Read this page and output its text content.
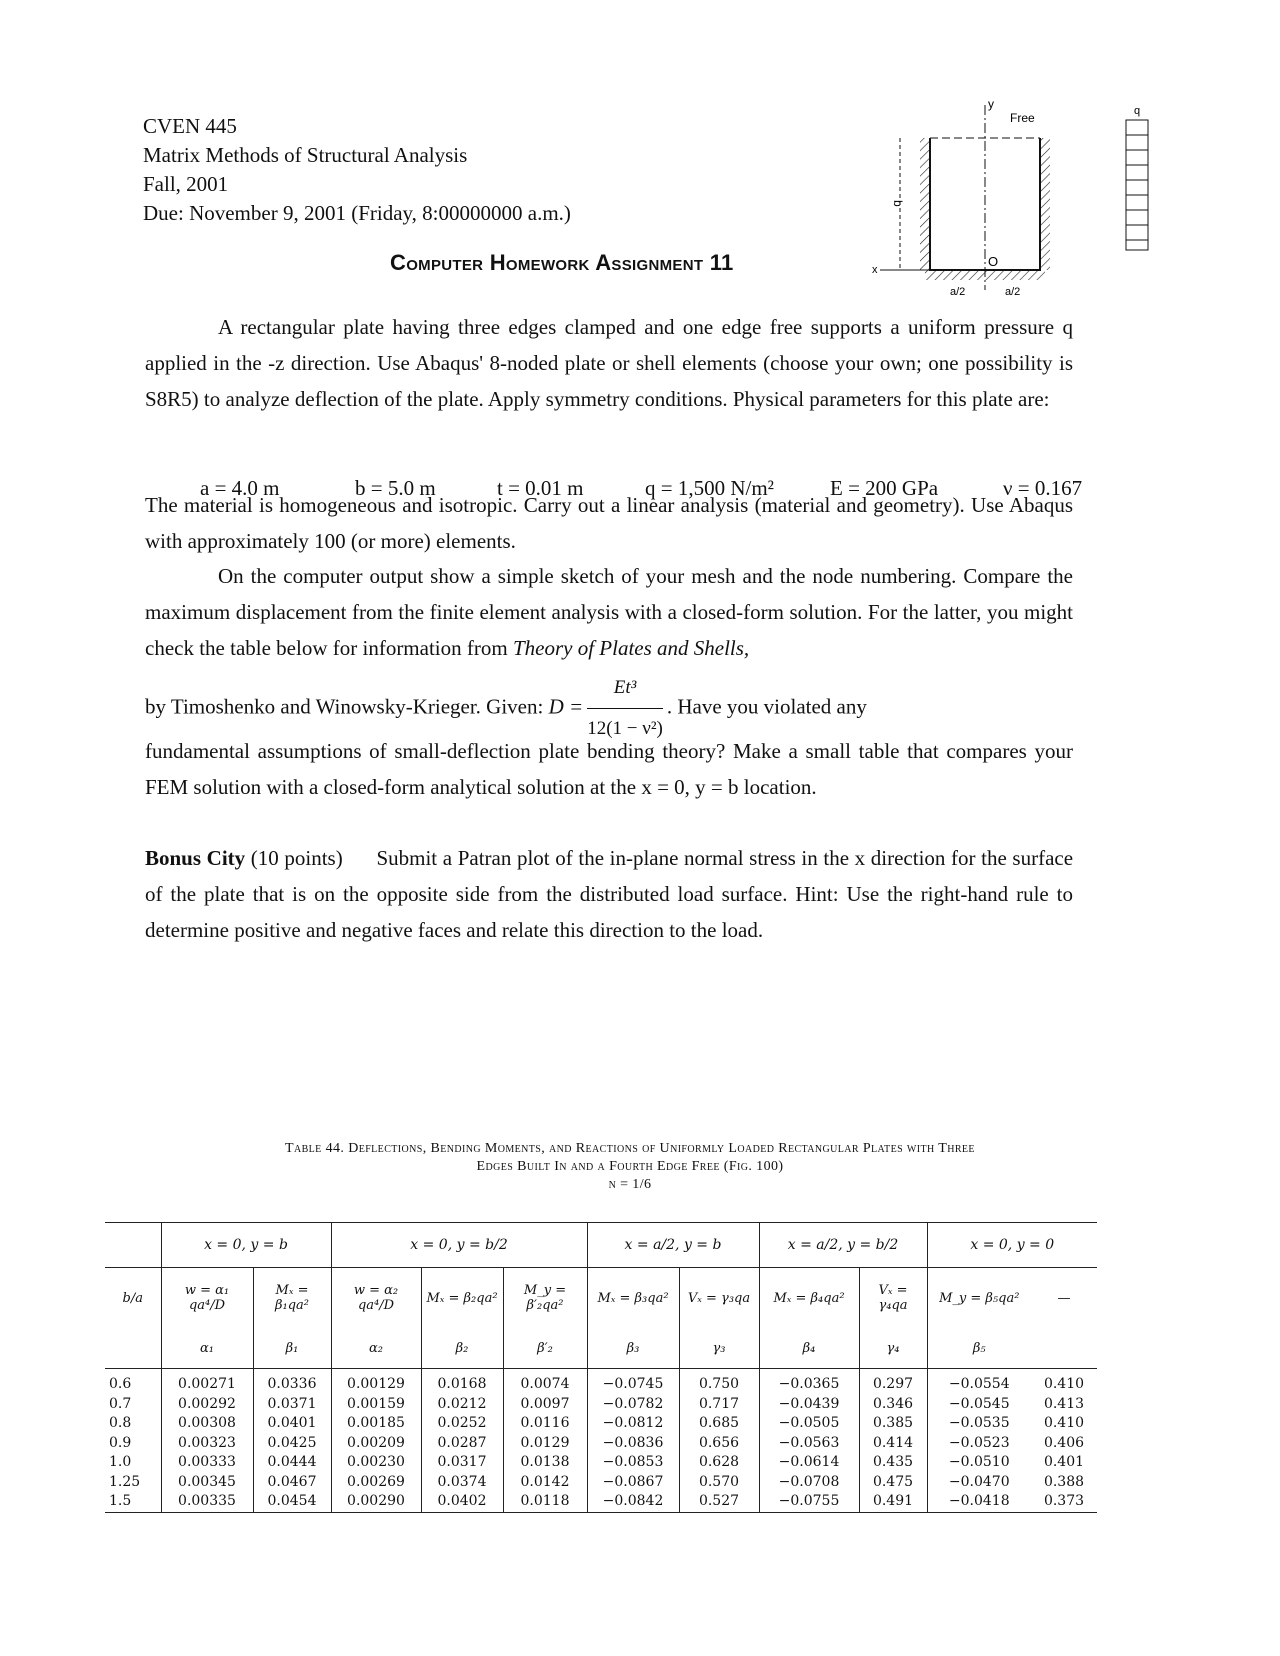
CVEN 445
Matrix Methods of Structural Analysis
Fall, 2001
Due: November 9, 2001 (Friday, 8:00000000 a.m.)
Computer Homework Assignment 11
y
Free
x
O
b
a/2	a/2
q
A rectangular plate having three edges clamped and one edge free supports a uniform pressure q applied in the -z direction. Use Abaqus' 8-noded plate or shell elements (choose your own; one possibility is S8R5) to analyze deflection of the plate. Apply symmetry conditions. Physical parameters for this plate are:
a = 4.0 m	b = 5.0 m	t = 0.01 m	q = 1,500 N/m²	E = 200 GPa	ν = 0.167
The material is homogeneous and isotropic. Carry out a linear analysis (material and geometry). Use Abaqus with approximately 100 (or more) elements.
On the computer output show a simple sketch of your mesh and the node numbering. Compare the maximum displacement from the finite element analysis with a closed-form solution. For the latter, you might check the table below for information from Theory of Plates and Shells,
by Timoshenko and Winowsky-Krieger. Given: $D = \frac{\text{Et³}}{\text{12(1 − ν²)}}$ . Have you violated any
fundamental assumptions of small-deflection plate bending theory? Make a small table that compares your FEM solution with a closed-form analytical solution at the x = 0, y = b location.
Bonus City (10 points) Submit a Patran plot of the in-plane normal stress in the x direction for the surface of the plate that is on the opposite side from the distributed load surface. Hint: Use the right-hand rule to determine positive and negative faces and relate this direction to the load.
Table 44. Deflections, Bending Moments, and Reactions of Uniformly Loaded Rectangular Plates with Three
Edges Built In and a Fourth Edge Free (Fig. 100)
ν = 1/6
	x = 0, y = b		x = 0, y = b/2			x = a/2, y = b		x = a/2, y = b/2		x = 0, y = 0	
b/a	w = α₁ qa⁴/D	Mₓ = β₁qa²	w = α₂ qa⁴/D	Mₓ = β₂qa²	M_y = β′₂qa²	Mₓ = β₃qa²	Vₓ = γ₃qa	Mₓ = β₄qa²	Vₓ = γ₄qa	M_y = β₅qa²	—
	α₁	β₁	α₂	β₂	β′₂	β₃	γ₃	β₄	γ₄	β₅	
0.6	0.00271	0.0336	0.00129	0.0168	0.0074	−0.0745	0.750	−0.0365	0.297	−0.0554	0.410
0.7	0.00292	0.0371	0.00159	0.0212	0.0097	−0.0782	0.717	−0.0439	0.346	−0.0545	0.413
0.8	0.00308	0.0401	0.00185	0.0252	0.0116	−0.0812	0.685	−0.0505	0.385	−0.0535	0.410
0.9	0.00323	0.0425	0.00209	0.0287	0.0129	−0.0836	0.656	−0.0563	0.414	−0.0523	0.406
1.0	0.00333	0.0444	0.00230	0.0317	0.0138	−0.0853	0.628	−0.0614	0.435	−0.0510	0.401
1.25	0.00345	0.0467	0.00269	0.0374	0.0142	−0.0867	0.570	−0.0708	0.475	−0.0470	0.388
1.5	0.00335	0.0454	0.00290	0.0402	0.0118	−0.0842	0.527	−0.0755	0.491	−0.0418	0.373
